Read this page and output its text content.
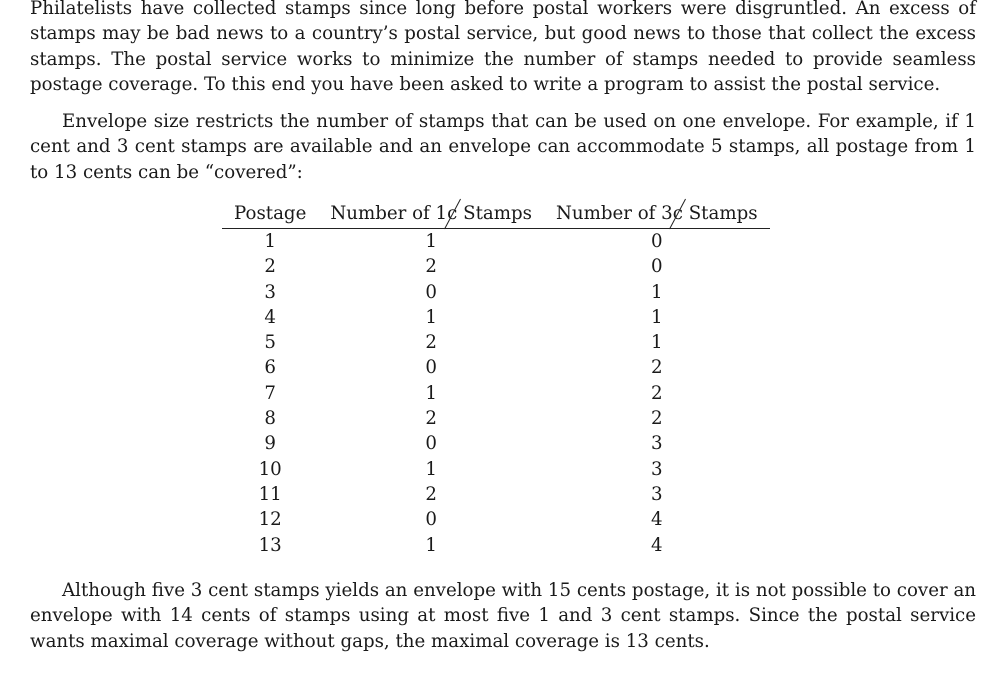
Philatelists have collected stamps since long before postal workers were disgruntled. An excess of stamps may be bad news to a country’s postal service, but good news to those that collect the excess stamps. The postal service works to minimize the number of stamps needed to provide seamless postage coverage. To this end you have been asked to write a program to assist the postal service.

Envelope size restricts the number of stamps that can be used on one envelope. For example, if 1 cent and 3 cent stamps are available and an envelope can accommodate 5 stamps, all postage from 1 to 13 cents can be “covered”:

Postage	Number of 1c Stamps	Number of 3c Stamps
1	1	0
2	2	0
3	0	1
4	1	1
5	2	1
6	0	2
7	1	2
8	2	2
9	0	3
10	1	3
11	2	3
12	0	4
13	1	4

Although five 3 cent stamps yields an envelope with 15 cents postage, it is not possible to cover an envelope with 14 cents of stamps using at most five 1 and 3 cent stamps. Since the postal service wants maximal coverage without gaps, the maximal coverage is 13 cents.
